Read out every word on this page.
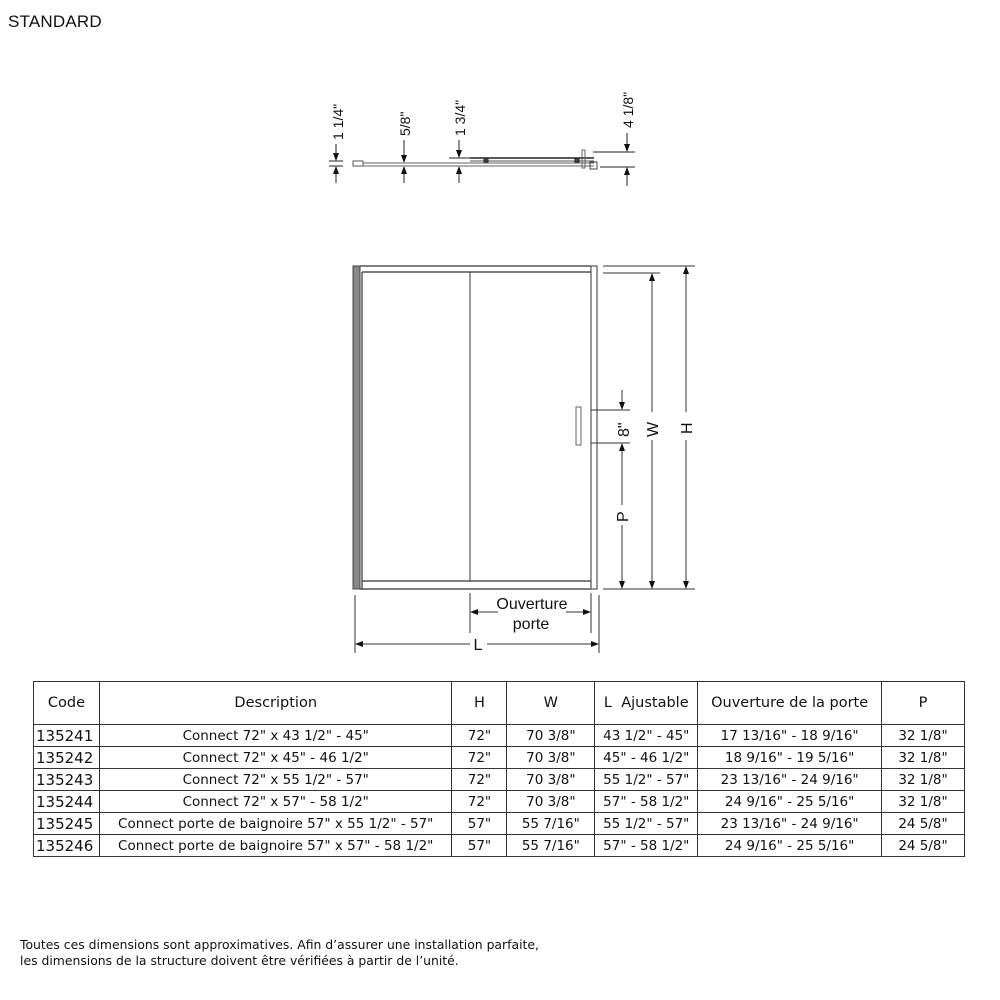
STANDARD
1 1/4"	5/8"	1 3/4"	4 1/8"
8"
P
W H
Ouverture
porte
L
Code	Description	H	W	L  Ajustable	Ouverture de la porte	P
135241	Connect 72" x 43 1/2" - 45"	72"	70 3/8"	43 1/2" - 45"	17 13/16" - 18 9/16"	32 1/8"
135242	Connect 72" x 45" - 46 1/2"	72"	70 3/8"	45" - 46 1/2"	18 9/16" - 19 5/16"	32 1/8"
135243	Connect 72" x 55 1/2" - 57"	72"	70 3/8"	55 1/2" - 57"	23 13/16" - 24 9/16"	32 1/8"
135244	Connect 72" x 57" - 58 1/2"	72"	70 3/8"	57" - 58 1/2"	24 9/16" - 25 5/16"	32 1/8"
135245	Connect porte de baignoire 57" x 55 1/2" - 57"	57"	55 7/16"	55 1/2" - 57"	23 13/16" - 24 9/16"	24 5/8"
135246	Connect porte de baignoire 57" x 57" - 58 1/2"	57"	55 7/16"	57" - 58 1/2"	24 9/16" - 25 5/16"	24 5/8"
Toutes ces dimensions sont approximatives. Afin d’assurer une installation parfaite,
les dimensions de la structure doivent être vérifiées à partir de l’unité.
